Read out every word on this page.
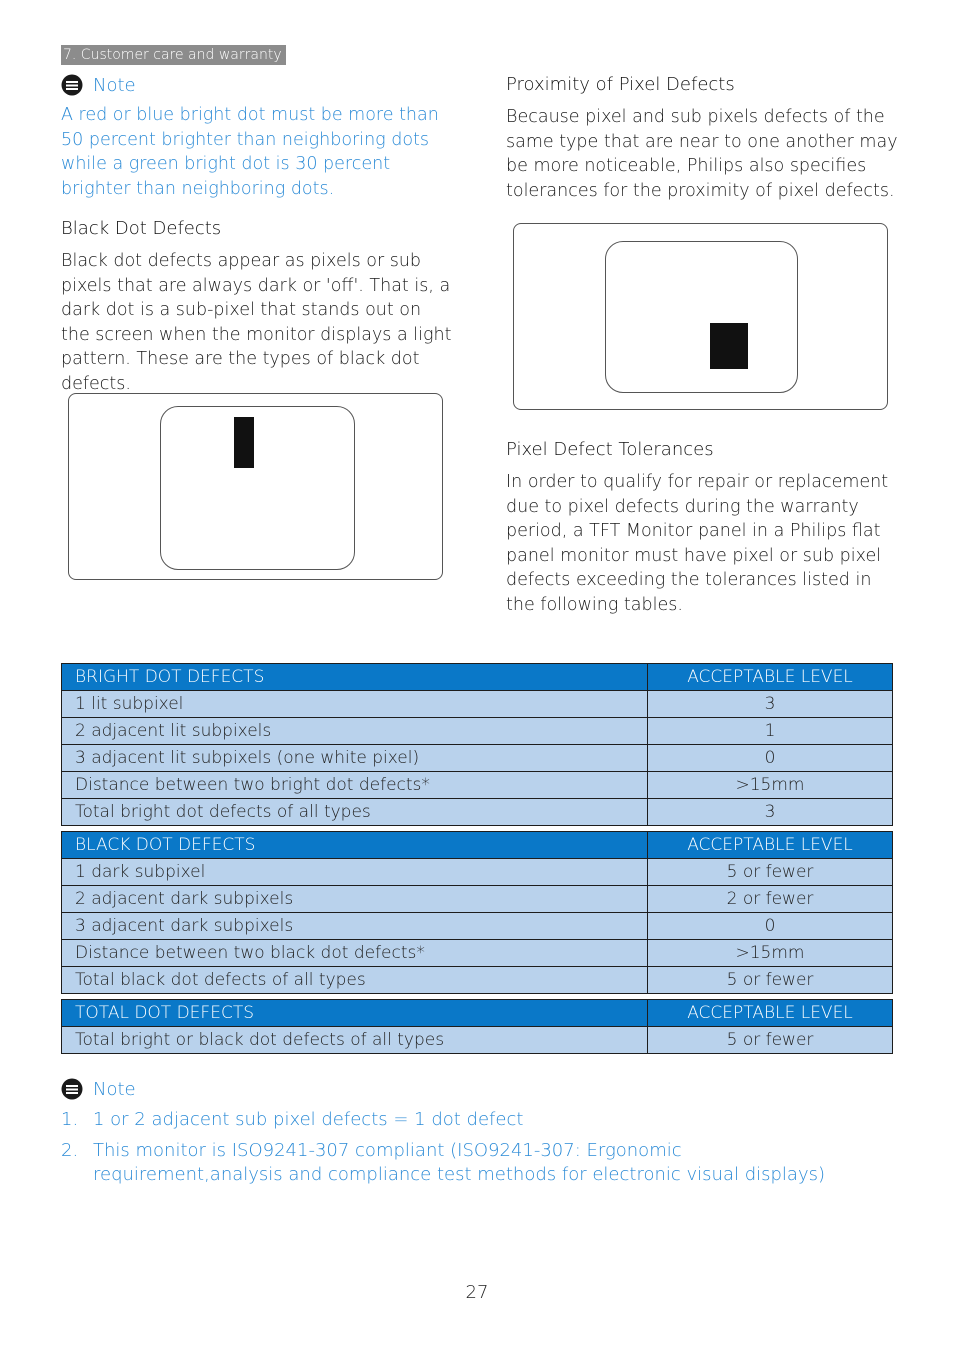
7. Customer care and warranty
Note
A red or blue bright dot must be more than 50 percent brighter than neighboring dots while a green bright dot is 30 percent brighter than neighboring dots.
Black Dot Defects
Black dot defects appear as pixels or sub pixels that are always dark or 'off'. That is, a dark dot is a sub-pixel that stands out on the screen when the monitor displays a light pattern. These are the types of black dot defects.
Proximity of Pixel Defects
Because pixel and sub pixels defects of the same type that are near to one another may be more noticeable, Philips also specifies tolerances for the proximity of pixel defects.
Pixel Defect Tolerances
In order to qualify for repair or replacement due to pixel defects during the warranty period, a TFT Monitor panel in a Philips flat panel monitor must have pixel or sub pixel defects exceeding the tolerances listed in the following tables.
BRIGHT DOT DEFECTS	ACCEPTABLE LEVEL
1 lit subpixel	3
2 adjacent lit subpixels	1
3 adjacent lit subpixels (one white pixel)	0
Distance between two bright dot defects*	>15mm
Total bright dot defects of all types	3
BLACK DOT DEFECTS	ACCEPTABLE LEVEL
1 dark subpixel	5 or fewer
2 adjacent dark subpixels	2 or fewer
3 adjacent dark subpixels	0
Distance between two black dot defects*	>15mm
Total black dot defects of all types	5 or fewer
TOTAL DOT DEFECTS	ACCEPTABLE LEVEL
Total bright or black dot defects of all types	5 or fewer
Note
1. 1 or 2 adjacent sub pixel defects = 1 dot defect
2. This monitor is ISO9241-307 compliant (ISO9241-307: Ergonomic requirement,analysis and compliance test methods for electronic visual displays)
27
